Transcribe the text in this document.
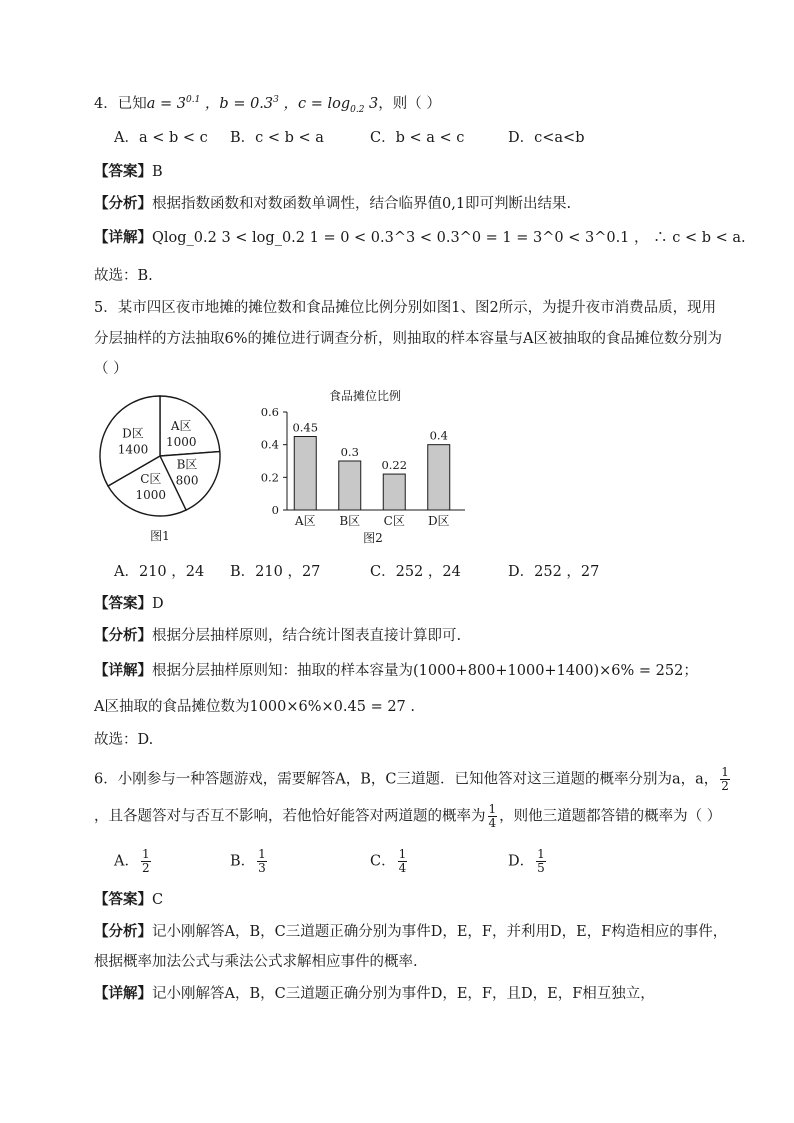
4．已知$a = 3^{0.1}$ ，$b = 0.3^3$ ，$c = \log_{0.2} 3$，则（ ）
A．a < b < c B．c < b < a	C．b < a < c	D．c<a<b
【答案】B
【分析】根据指数函数和对数函数单调性，结合临界值0,1即可判断出结果.
【详解】Qlog_0.2 3 < log_0.2 1 = 0 < 0.3^3 < 0.3^0 = 1 = 3^0 < 3^0.1 ， ∴ c < b < a.
故选：B.
5．某市四区夜市地摊的摊位数和食品摊位比例分别如图1、图2所示，为提升夜市消费品质，现用
分层抽样的方法抽取6%的摊位进行调查分析，则抽取的样本容量与A区被抽取的食品摊位数分别为
（ ）
A区
1000
B区
800
C区
1000
D区
1400
图1
食品摊位比例
0
0.2
0.4
0.6
0.45
A区
0.3
B区
0.22
C区
0.4
D区
图2
A．210 ，24 B．210 ，27	C．252 ，24	D．252 ，27
【答案】D
【分析】根据分层抽样原则，结合统计图表直接计算即可.
【详解】根据分层抽样原则知：抽取的样本容量为(1000+800+1000+1400)×6% = 252；
A区抽取的食品摊位数为1000×6%×0.45 = 27 .
故选：D.
6．小刚参与一种答题游戏，需要解答A，B，C三道题．已知他答对这三道题的概率分别为a，a， $\frac{1}{2}$
，且各题答对与否互不影响，若他恰好能答对两道题的概率为 $\frac{1}{4}$ ，则他三道题都答错的概率为（ ）
A． $\frac{1}{2}$	B． $\frac{1}{3}$	C． $\frac{1}{4}$	D． $\frac{1}{5}$
【答案】C
【分析】记小刚解答A，B，C三道题正确分别为事件D，E，F，并利用D，E，F构造相应的事件，
根据概率加法公式与乘法公式求解相应事件的概率.
【详解】记小刚解答A，B，C三道题正确分别为事件D，E，F，且D，E，F相互独立，
